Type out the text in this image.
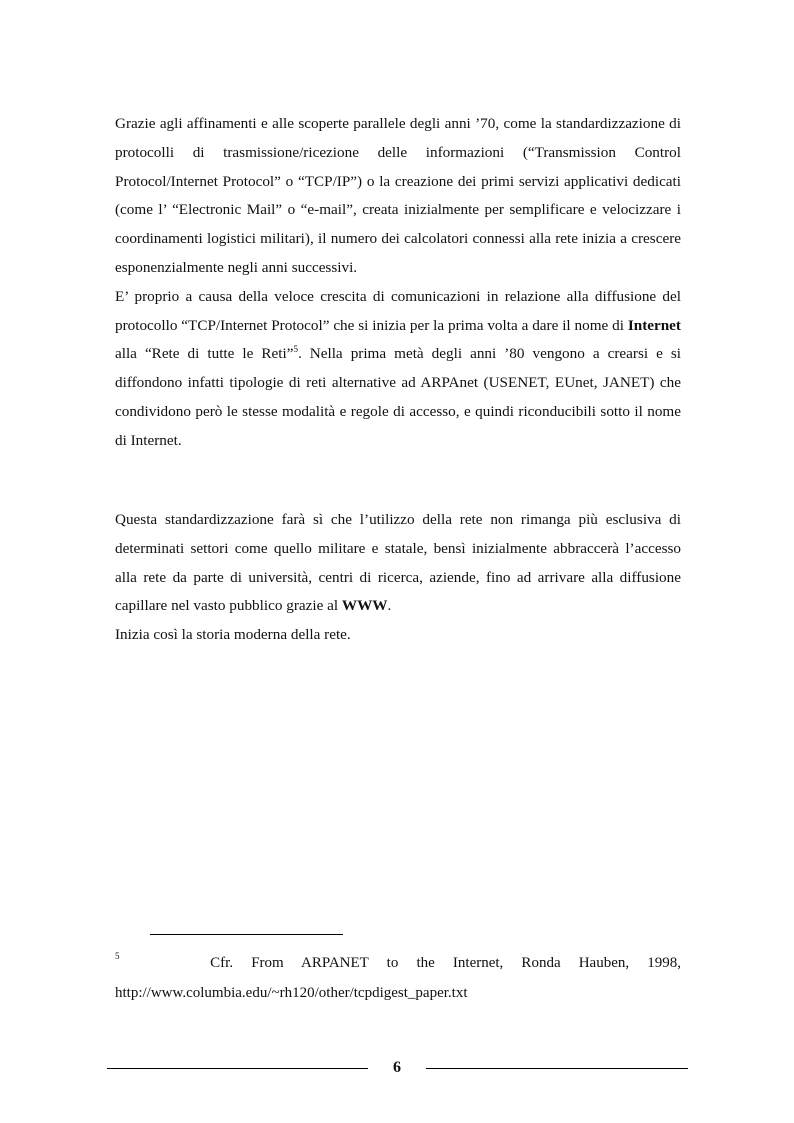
Grazie agli affinamenti e alle scoperte parallele degli anni ’70, come la standardizzazione di protocolli di trasmissione/ricezione delle informazioni (“Transmission Control Protocol/Internet Protocol” o “TCP/IP”) o la creazione dei primi servizi applicativi dedicati (come l’ “Electronic Mail” o “e-mail”, creata inizialmente per semplificare e velocizzare i coordinamenti logistici militari), il numero dei calcolatori connessi alla rete inizia a crescere esponenzialmente negli anni successivi.

E’ proprio a causa della veloce crescita di comunicazioni in relazione alla diffusione del protocollo “TCP/Internet Protocol” che si inizia per la prima volta a dare il nome di Internet alla “Rete di tutte le Reti”$^5$. Nella prima metà degli anni ’80 vengono a crearsi e si diffondono infatti tipologie di reti alternative ad ARPAnet (USENET, EUnet, JANET) che condividono però le stesse modalità e regole di accesso, e quindi riconducibili sotto il nome di Internet.

Questa standardizzazione farà sì che l’utilizzo della rete non rimanga più esclusiva di determinati settori come quello militare e statale, bensì inizialmente abbraccerà l’accesso alla rete da parte di università, centri di ricerca, aziende, fino ad arrivare alla diffusione capillare nel vasto pubblico grazie al WWW.

Inizia così la storia moderna della rete.

$^5$	Cfr. From ARPANET to the Internet, Ronda Hauben, 1998, http://www.columbia.edu/~rh120/other/tcpdigest_paper.txt
6
